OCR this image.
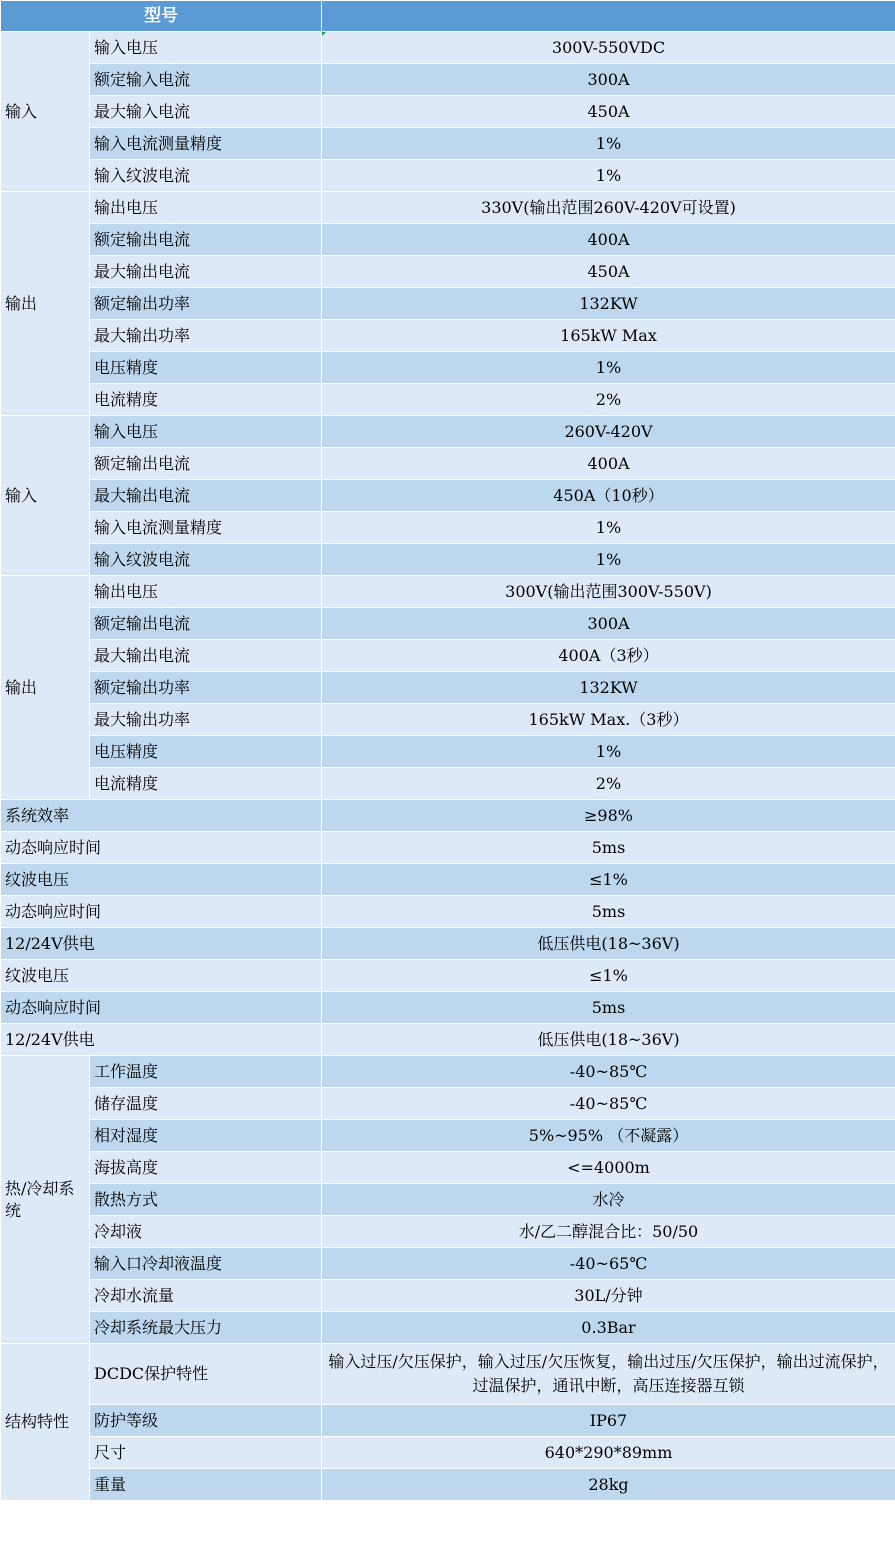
型号		
输入	输入电压	300V-550VDC
	额定输入电流	300A
	最大输入电流	450A
	输入电流测量精度	1%
	输入纹波电流	1%
输出	输出电压	330V(输出范围260V-420V可设置)
	额定输出电流	400A
	最大输出电流	450A
	额定输出功率	132KW
	最大输出功率	165kW Max
	电压精度	1%
	电流精度	2%
输入	输入电压	260V-420V
	额定输出电流	400A
	最大输出电流	450A（10秒）
	输入电流测量精度	1%
	输入纹波电流	1%
输出	输出电压	300V(输出范围300V-550V)
	额定输出电流	300A
	最大输出电流	400A（3秒）
	额定输出功率	132KW
	最大输出功率	165kW Max.（3秒）
	电压精度	1%
	电流精度	2%
系统效率		≥98%
动态响应时间		5ms
纹波电压		≤1%
动态响应时间		5ms
12/24V供电		低压供电(18~36V)
纹波电压		≤1%
动态响应时间		5ms
12/24V供电		低压供电(18~36V)
热/冷却系统	工作温度	-40~85℃
	储存温度	-40~85℃
	相对湿度	5%~95% （不凝露）
	海拔高度	<=4000m
	散热方式	水冷
	冷却液	水/乙二醇混合比：50/50
	输入口冷却液温度	-40~65℃
	冷却水流量	30L/分钟
	冷却系统最大压力	0.3Bar
结构特性	DCDC保护特性	输入过压/欠压保护，输入过压/欠压恢复，输出过压/欠压保护，输出过流保护，过温保护，通讯中断，高压连接器互锁
	防护等级	IP67
	尺寸	640*290*89mm
	重量	28kg
